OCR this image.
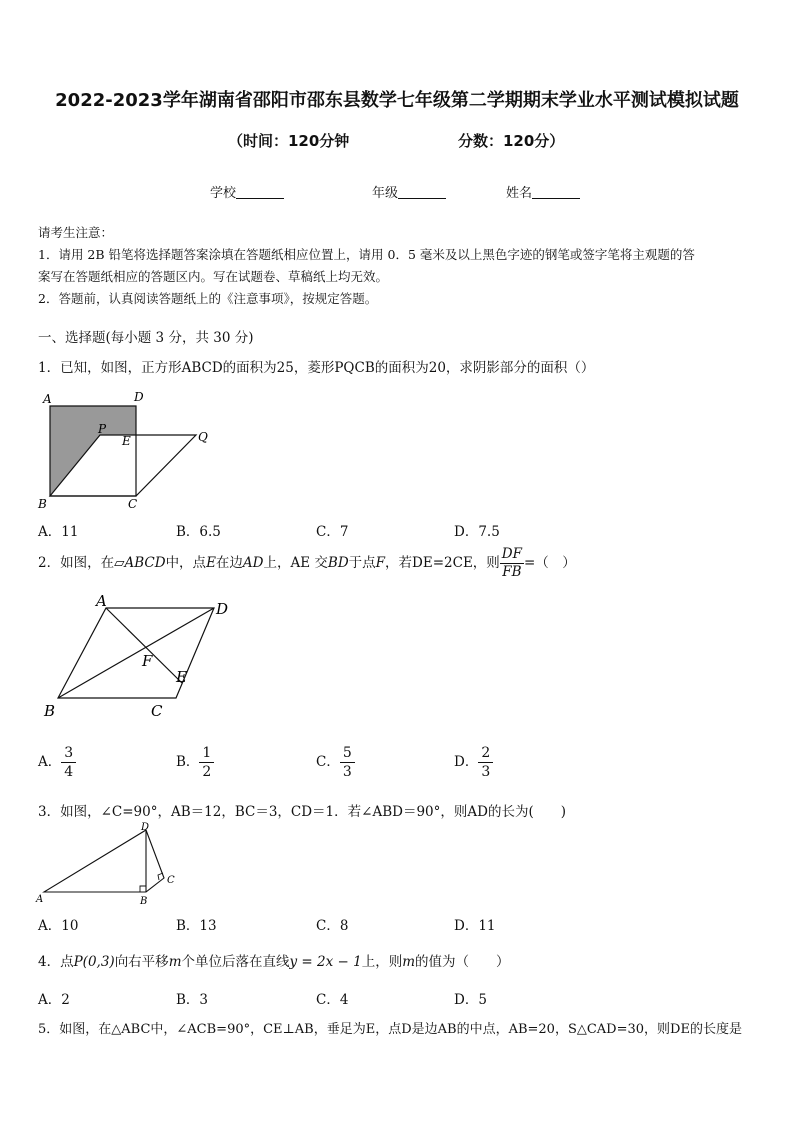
2022-2023学年湖南省邵阳市邵东县数学七年级第二学期期末学业水平测试模拟试题
（时间：120分钟	分数：120分）
学校	年级	姓名
请考生注意：
1．请用 2B 铅笔将选择题答案涂填在答题纸相应位置上，请用 0．5 毫米及以上黑色字迹的钢笔或签字笔将主观题的答
案写在答题纸相应的答题区内。写在试题卷、草稿纸上均无效。
2．答题前，认真阅读答题纸上的《注意事项》，按规定答题。
一、选择题(每小题 3 分，共 30 分)
1．已知，如图，正方形ABCD的面积为25，菱形PQCB的面积为20，求阴影部分的面积（）
A	D
P
E	Q
B	C
A．11	B．6.5	C．7	D．7.5
2．如图，在▱ABCD中，点E在边AD上，AE 交BD于点F，若DE=2CE，则 $\frac{DF}{FB}$ =（　）
A	D
F
E
B	C
A． $\frac{3}{4}$	B． $\frac{1}{2}$	C． $\frac{5}{3}$	D． $\frac{2}{3}$
3．如图，∠C=90°，AB＝12，BC＝3，CD＝1．若∠ABD＝90°，则AD的长为(　　)
D
C
A	B
A．10	B．13	C．8	D．11
4．点P(0,3)向右平移m个单位后落在直线y = 2x − 1上，则m的值为（　　）
A．2	B．3	C．4	D．5
5．如图，在△ABC中，∠ACB=90°，CE⊥AB，垂足为E，点D是边AB的中点，AB=20，S△CAD=30，则DE的长度是
